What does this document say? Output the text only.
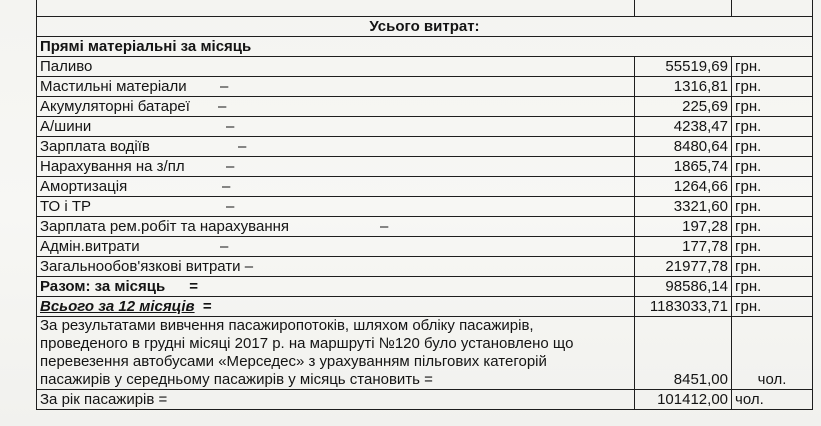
Усього витрат:		
Прямі матеріальні за місяць		
Паливо	55519,69	грн.
Мастильні матеріали –	1316,81	грн.
Акумуляторні батареї –	225,69	грн.
А/шини –	4238,47	грн.
Зарплата водіїв –	8480,64	грн.
Нарахування на з/пл –	1865,74	грн.
Амортизація –	1264,66	грн.
ТО і ТР –	3321,60	грн.
Зарплата рем.робіт та нарахування –	197,28	грн.
Адмін.витрати –	177,78	грн.
Загальнообов'язкові витрати –	21977,78	грн.
Разом: за місяць =	98586,14	грн.
Всього за 12 місяців =	1183033,71	грн.

За результатами вивчення пасажиропотоків, шляхом обліку пасажирів,
проведеного в грудні місяці 2017 р. на маршруті №120 було установлено що
перевезення автобусами «Мерседес» з урахуванням пільгових категорій
пасажирів у середньому пасажирів у місяць становить =	8451,00	чол.
За рік пасажирів =	101412,00	чол.
